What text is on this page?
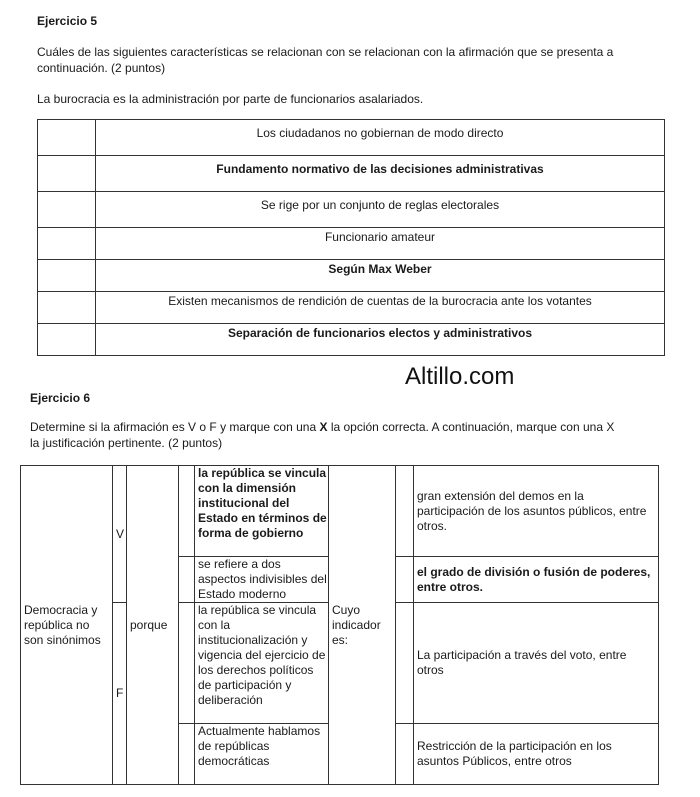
Ejercicio 5
Cuáles de las siguientes características se relacionan con se relacionan con la afirmación que se presenta a continuación. (2 puntos)
La burocracia es la administración por parte de funcionarios asalariados.
	Los ciudadanos no gobiernan de modo directo
	Fundamento normativo de las decisiones administrativas
	Se rige por un conjunto de reglas electorales
	Funcionario amateur
	Según Max Weber
	Existen mecanismos de rendición de cuentas de la burocracia ante los votantes
	Separación de funcionarios electos y administrativos
Altillo.com
Ejercicio 6
Determine si la afirmación es V o F y marque con una X la opción correcta. A continuación, marque con una X la justificación pertinente. (2 puntos)
Democracia y república no son sinónimos	V	porque		la república se vincula con la dimensión institucional del Estado en términos de forma de gobierno	Cuyo indicador es:		gran extensión del demos en la participación de los asuntos públicos, entre otros.
				se refiere a dos aspectos indivisibles del Estado moderno			el grado de división o fusión de poderes, entre otros.
	F			la república se vincula con la institucionalización y vigencia del ejercicio de los derechos políticos de participación y deliberación			La participación a través del voto, entre otros
				Actualmente hablamos de repúblicas democráticas			Restricción de la participación en los asuntos Públicos, entre otros
